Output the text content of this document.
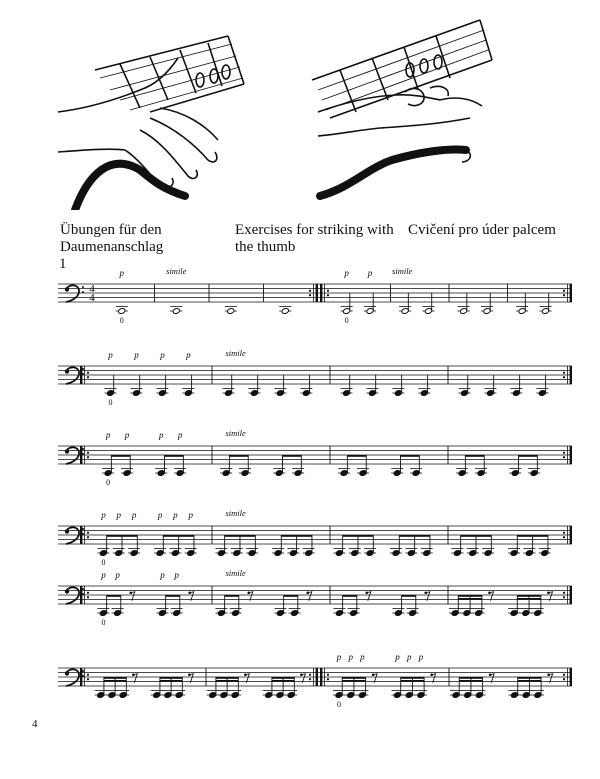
Übungen für den Daumenanschlag
Exercises for striking with the thumb
Cvičení pro úder palcem
1
4
4
p
0
simile	p p
0
simile
p
0
p p p	simile
p p
0
p p	simile
p p p
0
p p p	simile
p p
0
p p	simile
p p p
0
p p p
4
